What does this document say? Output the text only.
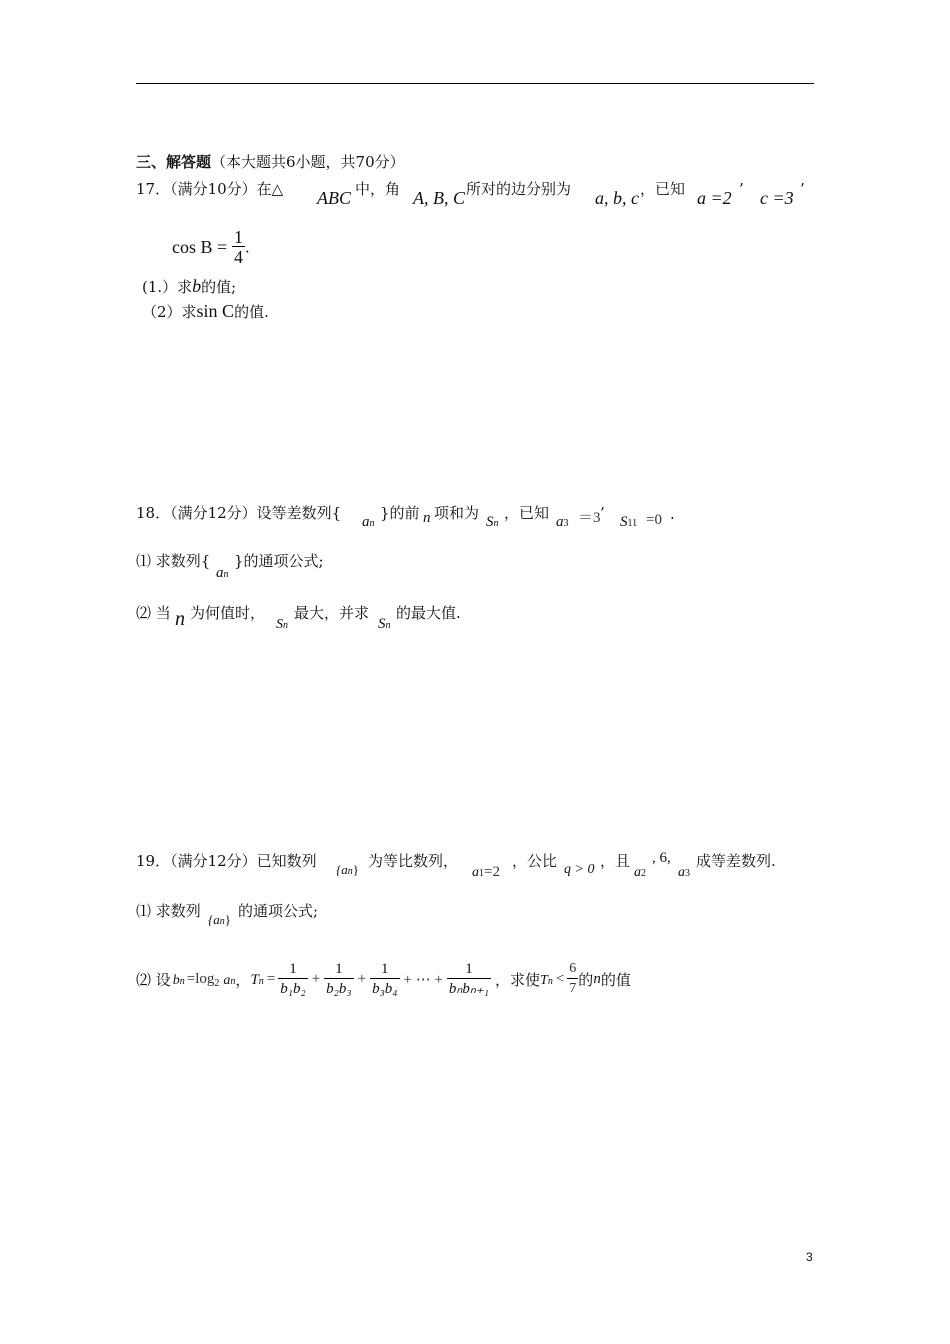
三、解答题（本大题共6小题，共70分）
17．（满分10分）在△ ABC 中，角 A, B, C 所对的边分别为 a, b, c ，已知 a =2 ’ c =3 ’
$\cos B = \frac{1}{4}$ .
(1.）求b的值;
（2）求sin C的值.
18．（满分12分）设等差数列{ an
}的前 n 项和为 Sn
，已知 a3 ＝3 ’ S11 =0 .
⑴ 求数列{
an
}的通项公式;
⑵ 当 n 为何值时，
Sn
最大，并求
Sn
的最大值.
19．（满分12分）已知数列 {an} 为等比数列，
a1=2
，公比 q > 0 ，且
a2
, 6,
a3
成等差数列.
⑴ 求数列 {an} 的通项公式;
⑵ 设 bn =log 2 an ， $Tn = \frac{1}{\text{b₁b₂}} + \frac{1}{\text{b₂b₃}} + \frac{1}{\text{b₃b₄}}$ + ⋯ + $\frac{1}{\text{bₙbₙ₊₁}}$ ，求使 $Tn < \frac{6}{7}$ 的 n 的值
3
